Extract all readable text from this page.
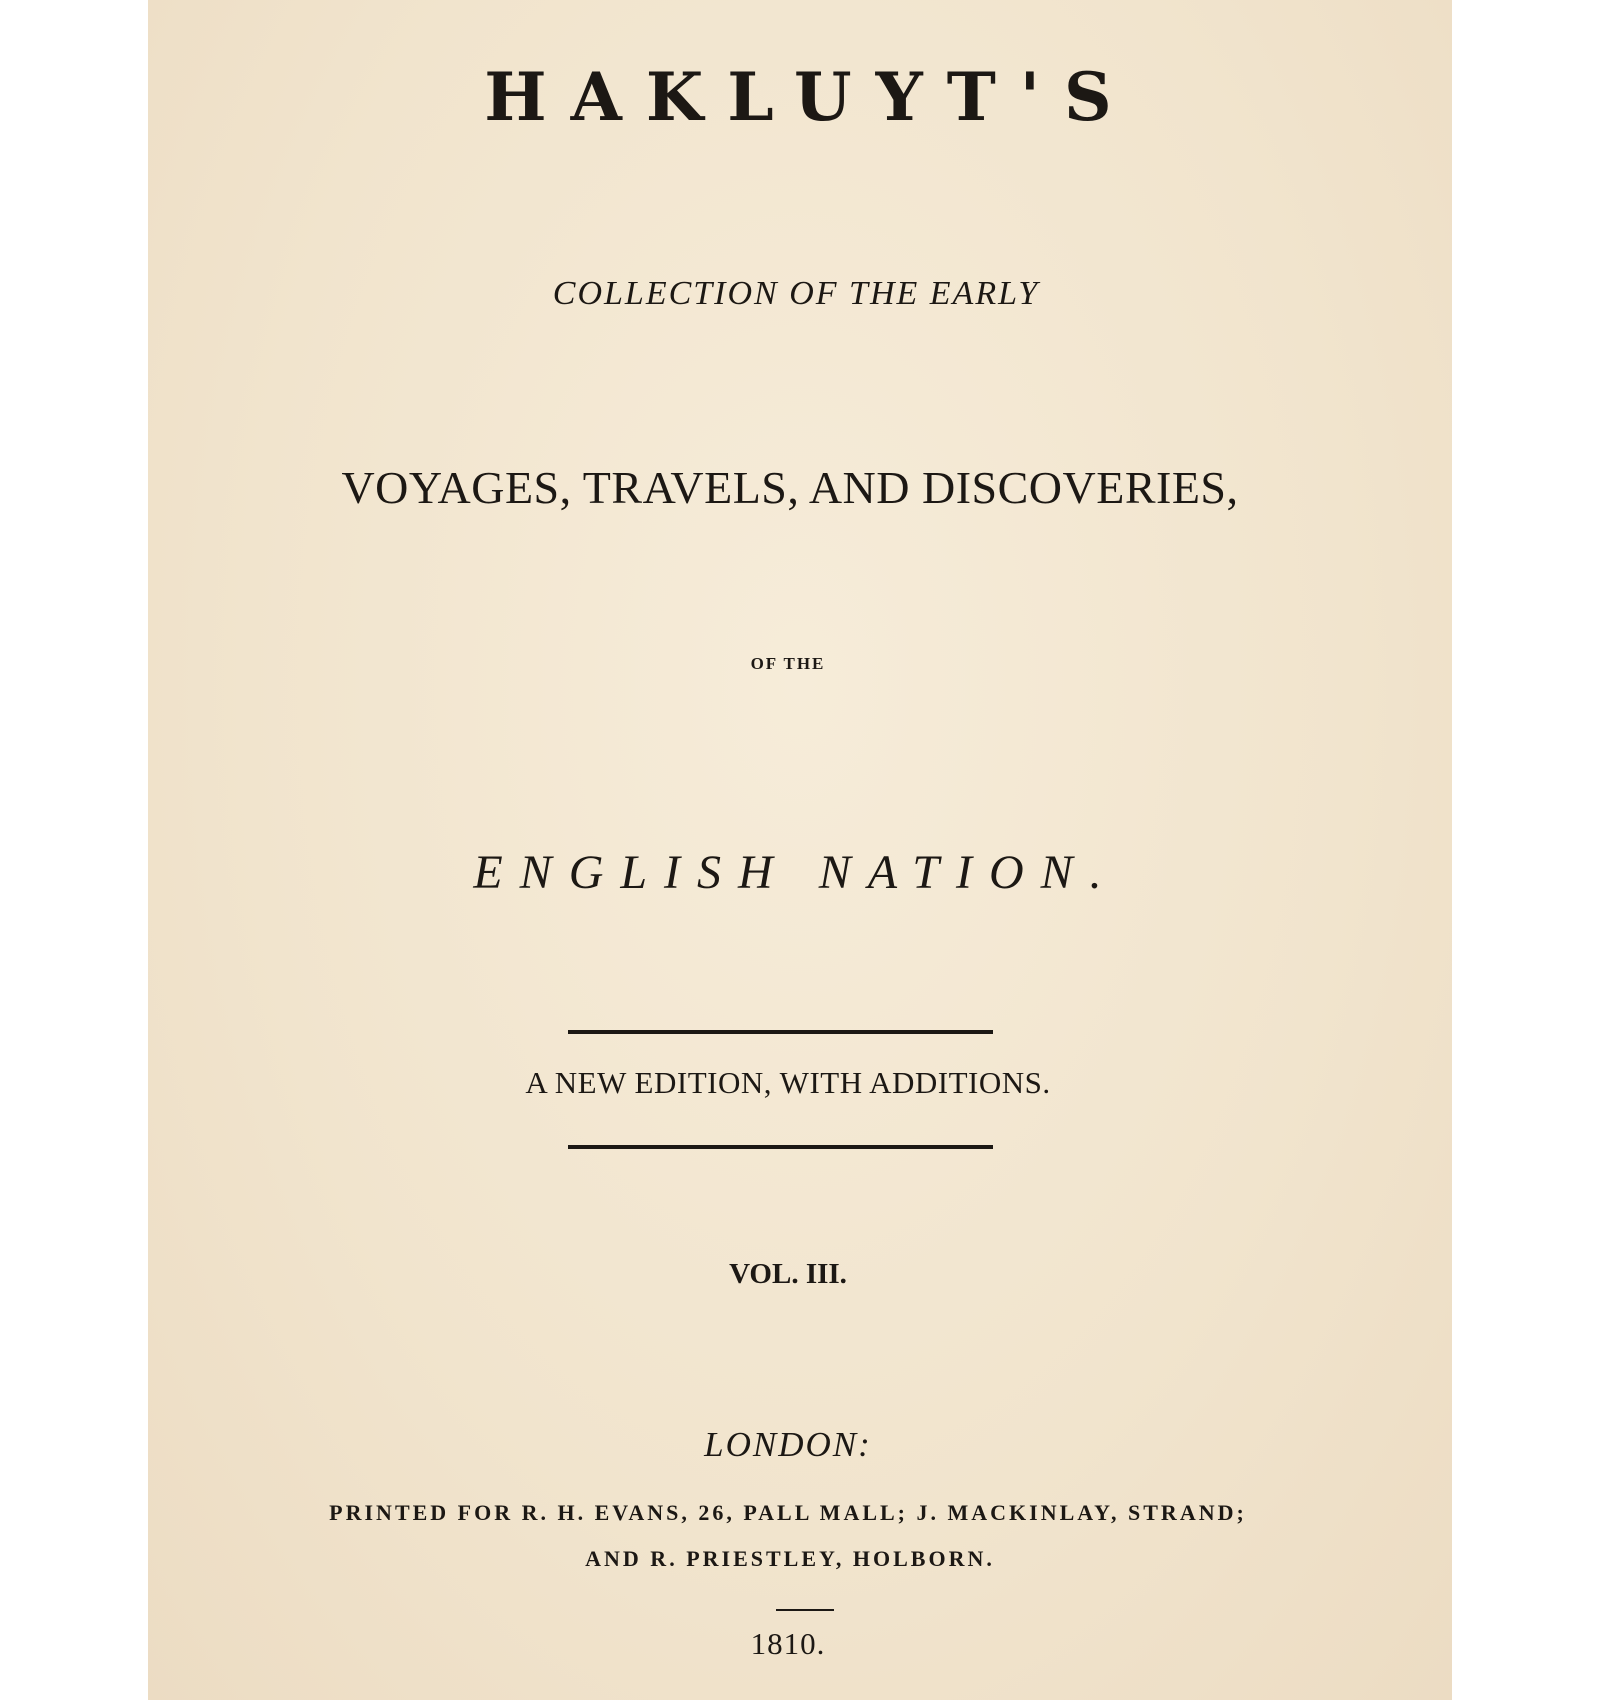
HAKLUYT'S
COLLECTION OF THE EARLY
VOYAGES, TRAVELS, AND DISCOVERIES,
OF THE
ENGLISH NATION.
A NEW EDITION, WITH ADDITIONS.
VOL. III.
LONDON:
PRINTED FOR R. H. EVANS, 26, PALL MALL; J. MACKINLAY, STRAND;
AND R. PRIESTLEY, HOLBORN.
1810.
